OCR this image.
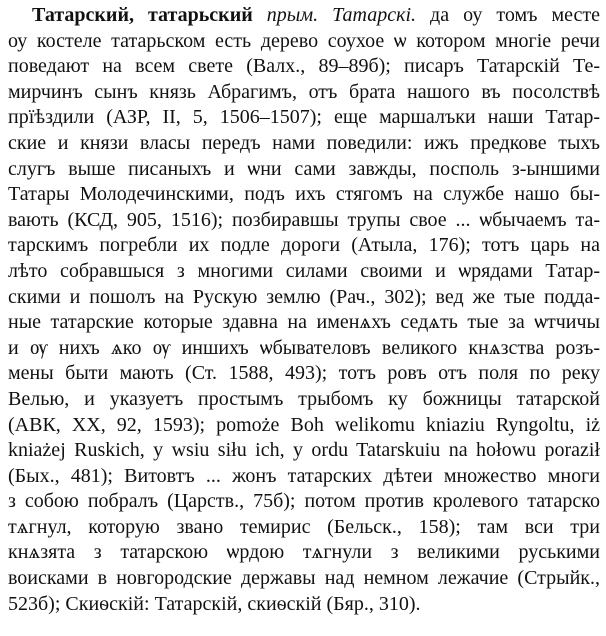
Татарский, татарьский прым. Татарскі. да оу томъ месте
оу костеле татарьском есть дерево соухое ѡ котором многіе речи
поведают на всем свете (Валх., 89–89б); писаръ Татарскій Те-
мирчинъ сынъ князь Абрагимъ, отъ брата нашого въ посолствѣ
прїѣздили (АЗР, II, 5, 1506–1507); еще маршалъки наши Татар-
ские и князи власы передъ нами поведили: ижъ предкове тыхъ
слугъ выше писаныхъ и ѡни сами завжды, посполь з-ыншими
Татары Молодечинскими, подъ ихъ стягомъ на службе нашо бы-
вають (КСД, 905, 1516); позбиравшы трупы свое ... ѡбычаемъ та-
тарскимъ погребли их подле дороги (Атыла, 176); тотъ царь на
лѣто собравшыся з многими силами своими и ѡрядами Татар-
скими и пошолъ на Рускую землю (Рач., 302); вед же тые подда-
ные татарские которые здавна на именѧхъ седѧть тые за ѡтчичы
и ѹ нихъ ѧко ѹ иншихъ ѡбывателовъ великого кнѧзства розъ-
мены быти мають (Ст. 1588, 493); тотъ ровъ отъ поля по реку
Велью, и указуетъ простымъ трыбомъ ку божницы татарской
(АВК, XX, 92, 1593); pomoże Boh welikomu kniaziu Ryngoltu, iż
kniażej Ruskich, у wsiu siłu ich, у ordu Tatarskuiu na hołowu poraził
(Быx., 481); Витовтъ ... жонъ татарских дѣтеи множество многи
з собою побралъ (Царств., 75б); потом против кролевого татарско
тѧгнул, которую звано темирис (Бельск., 158); там вси три
кнѧзята з татарскою ѡрдою тѧгнули з великими руськими
воисками в новгородские державы над немном лежачие (Стрыйк.,
523б); Скиѳскій: Татарскій, скиѳскій (Бяр., 310).
